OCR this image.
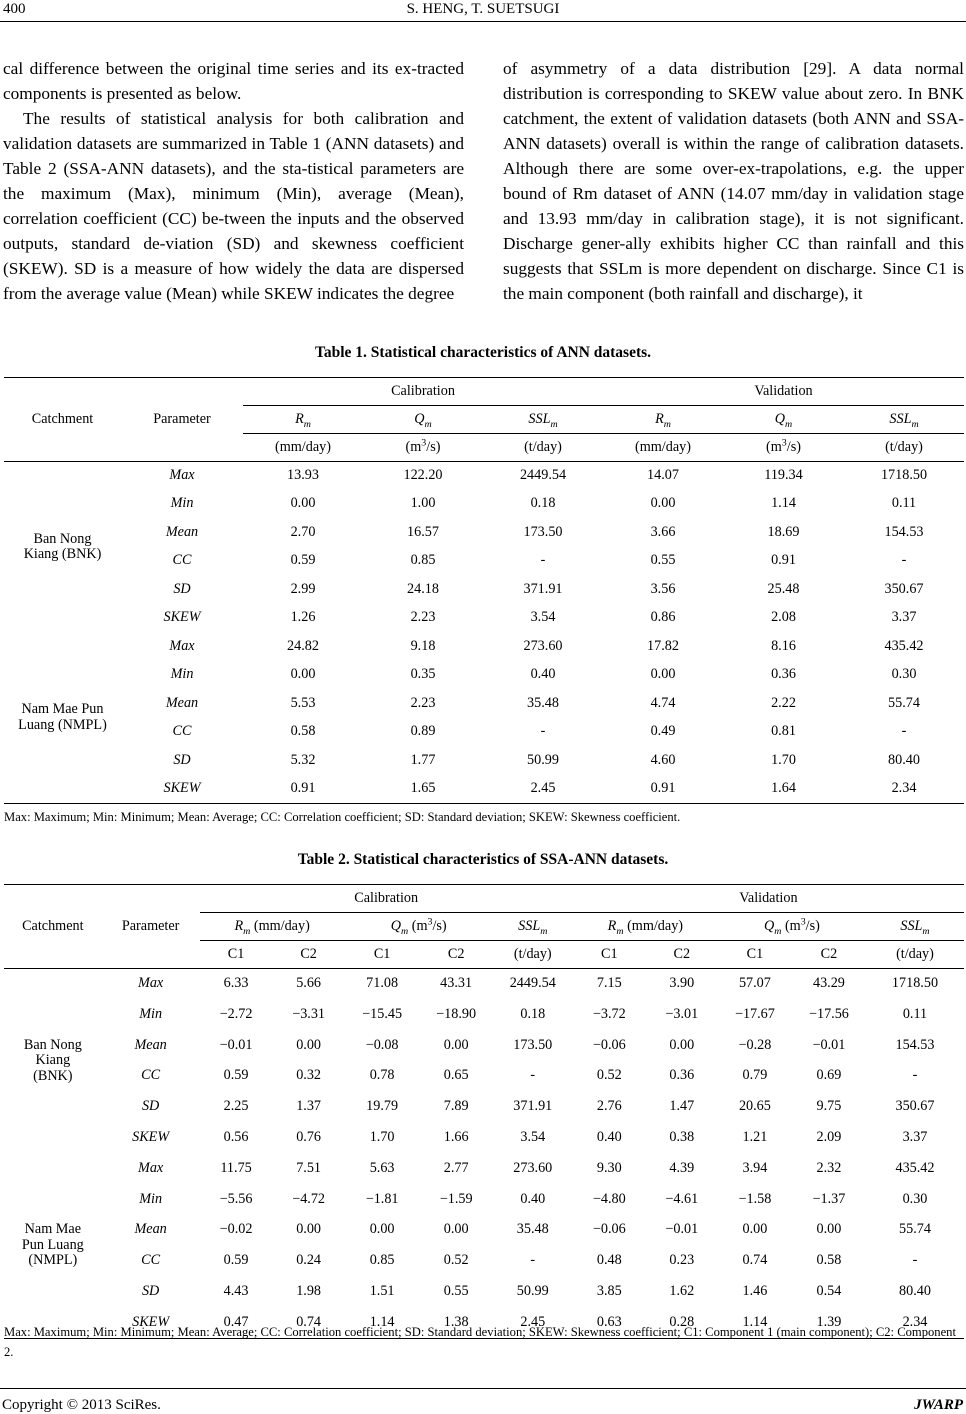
400	S. HENG, T. SUETSUGI

cal difference between the original time series and its ex-tracted components is presented as below.

The results of statistical analysis for both calibration and validation datasets are summarized in Table 1 (ANN datasets) and Table 2 (SSA-ANN datasets), and the sta-tistical parameters are the maximum (Max), minimum (Min), average (Mean), correlation coefficient (CC) be-tween the inputs and the observed outputs, standard de-viation (SD) and skewness coefficient (SKEW). SD is a measure of how widely the data are dispersed from the average value (Mean) while SKEW indicates the degree

of asymmetry of a data distribution [29]. A data normal distribution is corresponding to SKEW value about zero. In BNK catchment, the extent of validation datasets (both ANN and SSA-ANN datasets) overall is within the range of calibration datasets. Although there are some over-ex-trapolations, e.g. the upper bound of Rm dataset of ANN (14.07 mm/day in validation stage and 13.93 mm/day in calibration stage), it is not significant. Discharge gener-ally exhibits higher CC than rainfall and this suggests that SSLm is more dependent on discharge. Since C1 is the main component (both rainfall and discharge), it

Table 1. Statistical characteristics of ANN datasets.
Catchment	Parameter	Calibration			Validation		
		$R_m$	$Q_m$	$SSL_m$	$R_m$	$Q_m$	$SSL_m$
		(mm/day)	$(m^3/s)$	(t/day)	(mm/day)	$(m^3/s)$	(t/day)

Ban Nong
Kiang (BNK)	Max	13.93	122.20	2449.54	14.07	119.34	1718.50
	Min	0.00	1.00	0.18	0.00	1.14	0.11
	Mean	2.70	16.57	173.50	3.66	18.69	154.53
	CC	0.59	0.85	-	0.55	0.91	-
	SD	2.99	24.18	371.91	3.56	25.48	350.67
	SKEW	1.26	2.23	3.54	0.86	2.08	3.37

Nam Mae Pun
Luang (NMPL)	Max	24.82	9.18	273.60	17.82	8.16	435.42
	Min	0.00	0.35	0.40	0.00	0.36	0.30
	Mean	5.53	2.23	35.48	4.74	2.22	55.74
	CC	0.58	0.89	-	0.49	0.81	-
	SD	5.32	1.77	50.99	4.60	1.70	80.40
	SKEW	0.91	1.65	2.45	0.91	1.64	2.34
Max: Maximum; Min: Minimum; Mean: Average; CC: Correlation coefficient; SD: Standard deviation; SKEW: Skewness coefficient.
Table 2. Statistical characteristics of SSA-ANN datasets.
Catchment	Parameter	Calibration					Validation				
		$R_m$ (mm/day)		$Q_m$ $(m^3/s)$		$SSL_m$	$R_m$ (mm/day)		$Q_m$ $(m^3/s)$		$SSL_m$
		C1	C2	C1	C2	(t/day)	C1	C2	C1	C2	(t/day)

Ban Nong
Kiang
(BNK)	Max	6.33	5.66	71.08	43.31	2449.54	7.15	3.90	57.07	43.29	1718.50
	Min	−2.72	−3.31	−15.45	−18.90	0.18	−3.72	−3.01	−17.67	−17.56	0.11
	Mean	−0.01	0.00	−0.08	0.00	173.50	−0.06	0.00	−0.28	−0.01	154.53
	CC	0.59	0.32	0.78	0.65	-	0.52	0.36	0.79	0.69	-
	SD	2.25	1.37	19.79	7.89	371.91	2.76	1.47	20.65	9.75	350.67
	SKEW	0.56	0.76	1.70	1.66	3.54	0.40	0.38	1.21	2.09	3.37

Nam Mae
Pun Luang
(NMPL)	Max	11.75	7.51	5.63	2.77	273.60	9.30	4.39	3.94	2.32	435.42
	Min	−5.56	−4.72	−1.81	−1.59	0.40	−4.80	−4.61	−1.58	−1.37	0.30
	Mean	−0.02	0.00	0.00	0.00	35.48	−0.06	−0.01	0.00	0.00	55.74
	CC	0.59	0.24	0.85	0.52	-	0.48	0.23	0.74	0.58	-
	SD	4.43	1.98	1.51	0.55	50.99	3.85	1.62	1.46	0.54	80.40
	SKEW	0.47	0.74	1.14	1.38	2.45	0.63	0.28	1.14	1.39	2.34
Max: Maximum; Min: Minimum; Mean: Average; CC: Correlation coefficient; SD: Standard deviation; SKEW: Skewness coefficient; C1: Component 1 (main component); C2: Component 2.
Copyright © 2013 SciRes.	JWARP
